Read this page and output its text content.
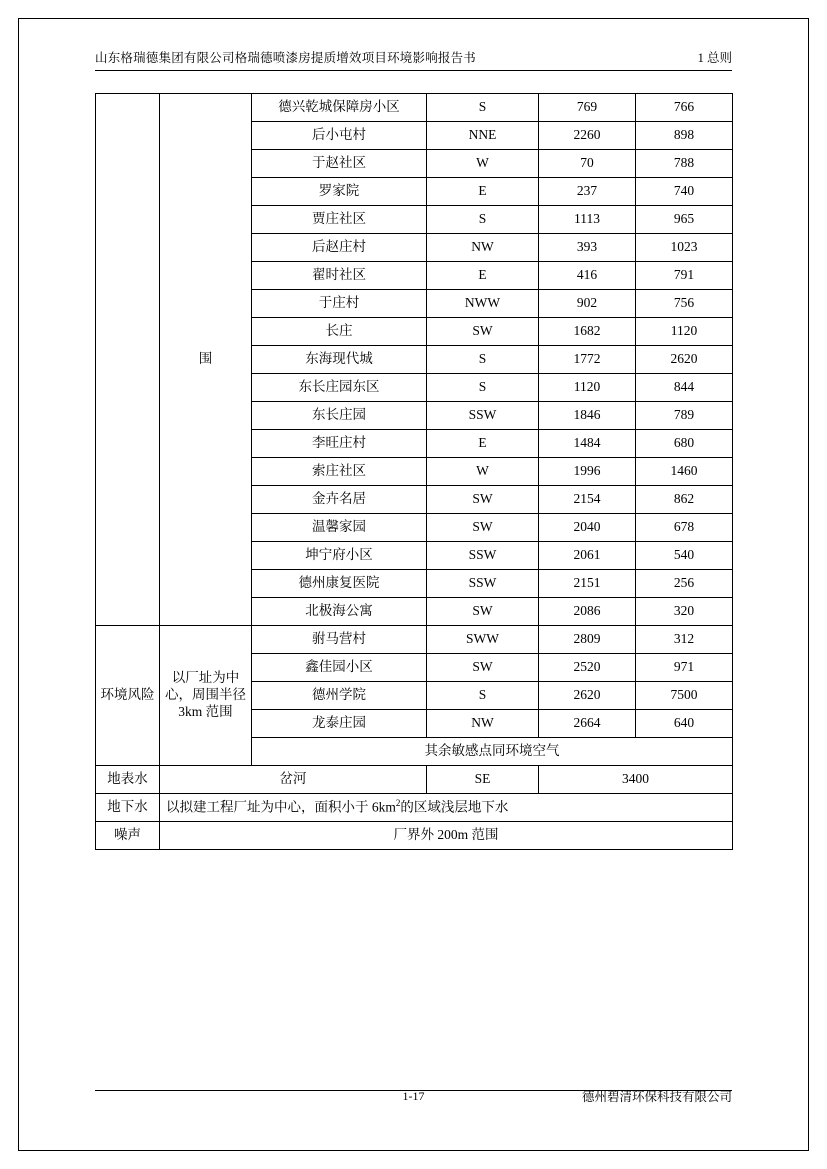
山东格瑞德集团有限公司格瑞德喷漆房提质增效项目环境影响报告书	1 总则
	围	德兴乾城保障房小区	S	769	766
		后小屯村	NNE	2260	898
		于赵社区	W	70	788
		罗家院	E	237	740
		贾庄社区	S	1113	965
		后赵庄村	NW	393	1023
		翟时社区	E	416	791
		于庄村	NWW	902	756
		长庄	SW	1682	1120
		东海现代城	S	1772	2620
		东长庄园东区	S	1120	844
		东长庄园	SSW	1846	789
		李旺庄村	E	1484	680
		索庄社区	W	1996	1460
		金卉名居	SW	2154	862
		温馨家园	SW	2040	678
		坤宁府小区	SSW	2061	540
		德州康复医院	SSW	2151	256
		北极海公寓	SW	2086	320
环境风险	以厂址为中心，周围半径3km 范围	驸马营村	SWW	2809	312
		鑫佳园小区	SW	2520	971
		德州学院	S	2620	7500
		龙泰庄园	NW	2664	640
		其余敏感点同环境空气			
地表水	岔河		SE	3400	
地下水	以拟建工程厂址为中心，面积小于 $6km^2$的区域浅层地下水				
噪声	厂界外 200m 范围				
1-17	德州碧清环保科技有限公司
